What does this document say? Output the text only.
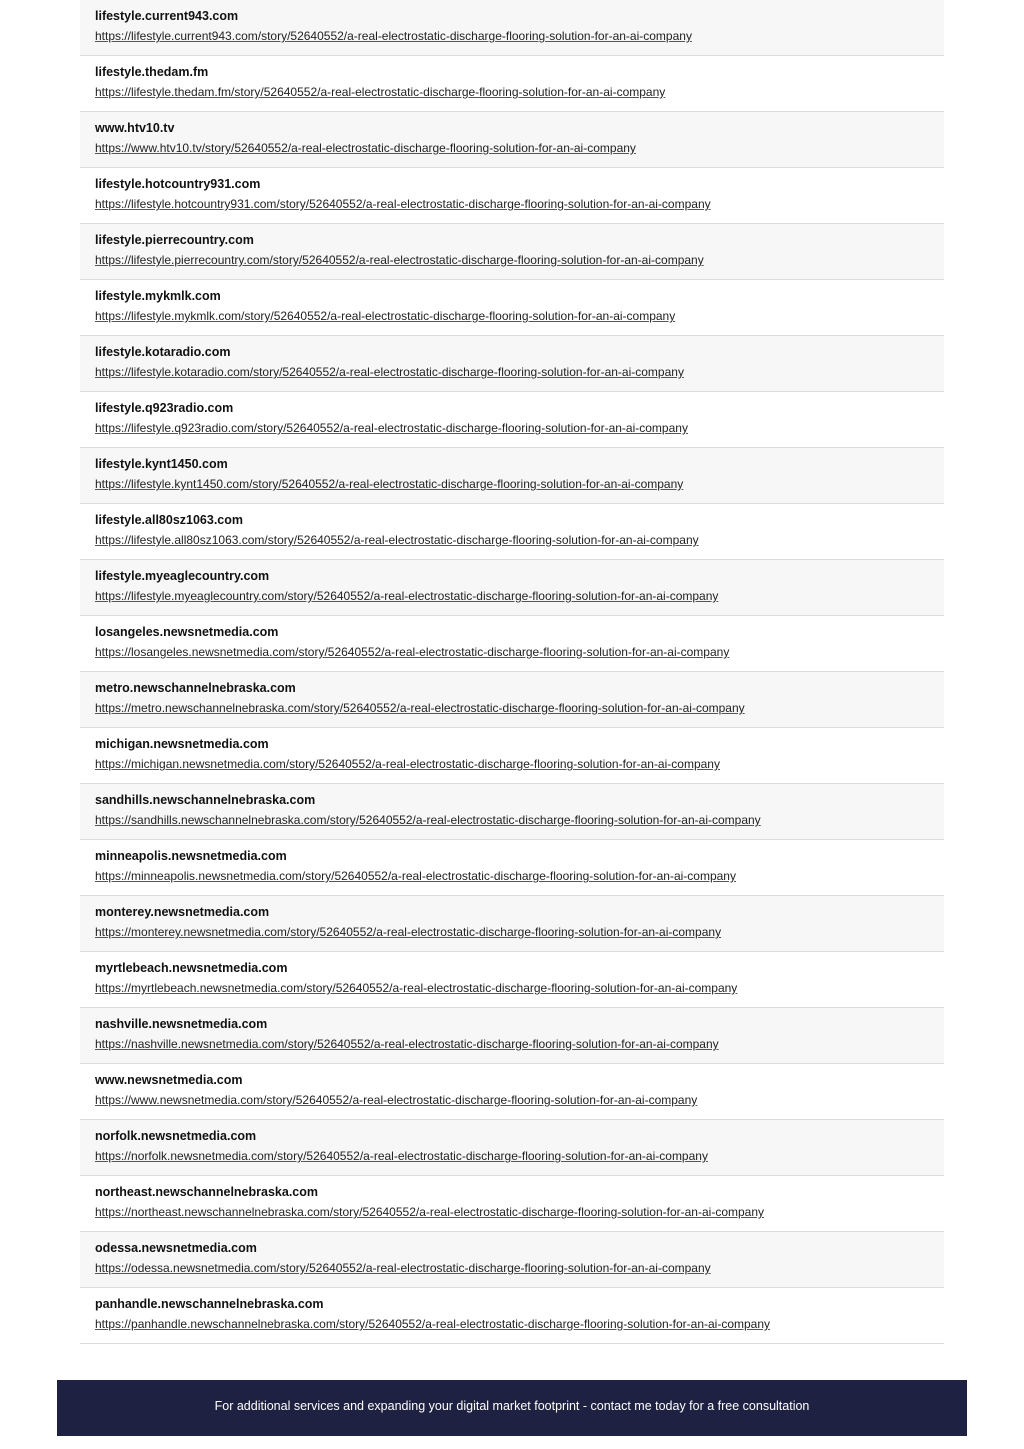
lifestyle.current943.com
https://lifestyle.current943.com/story/52640552/a-real-electrostatic-discharge-flooring-solution-for-an-ai-company
lifestyle.thedam.fm
https://lifestyle.thedam.fm/story/52640552/a-real-electrostatic-discharge-flooring-solution-for-an-ai-company
www.htv10.tv
https://www.htv10.tv/story/52640552/a-real-electrostatic-discharge-flooring-solution-for-an-ai-company
lifestyle.hotcountry931.com
https://lifestyle.hotcountry931.com/story/52640552/a-real-electrostatic-discharge-flooring-solution-for-an-ai-company
lifestyle.pierrecountry.com
https://lifestyle.pierrecountry.com/story/52640552/a-real-electrostatic-discharge-flooring-solution-for-an-ai-company
lifestyle.mykmlk.com
https://lifestyle.mykmlk.com/story/52640552/a-real-electrostatic-discharge-flooring-solution-for-an-ai-company
lifestyle.kotaradio.com
https://lifestyle.kotaradio.com/story/52640552/a-real-electrostatic-discharge-flooring-solution-for-an-ai-company
lifestyle.q923radio.com
https://lifestyle.q923radio.com/story/52640552/a-real-electrostatic-discharge-flooring-solution-for-an-ai-company
lifestyle.kynt1450.com
https://lifestyle.kynt1450.com/story/52640552/a-real-electrostatic-discharge-flooring-solution-for-an-ai-company
lifestyle.all80sz1063.com
https://lifestyle.all80sz1063.com/story/52640552/a-real-electrostatic-discharge-flooring-solution-for-an-ai-company
lifestyle.myeaglecountry.com
https://lifestyle.myeaglecountry.com/story/52640552/a-real-electrostatic-discharge-flooring-solution-for-an-ai-company
losangeles.newsnetmedia.com
https://losangeles.newsnetmedia.com/story/52640552/a-real-electrostatic-discharge-flooring-solution-for-an-ai-company
metro.newschannelnebraska.com
https://metro.newschannelnebraska.com/story/52640552/a-real-electrostatic-discharge-flooring-solution-for-an-ai-company
michigan.newsnetmedia.com
https://michigan.newsnetmedia.com/story/52640552/a-real-electrostatic-discharge-flooring-solution-for-an-ai-company
sandhills.newschannelnebraska.com
https://sandhills.newschannelnebraska.com/story/52640552/a-real-electrostatic-discharge-flooring-solution-for-an-ai-company
minneapolis.newsnetmedia.com
https://minneapolis.newsnetmedia.com/story/52640552/a-real-electrostatic-discharge-flooring-solution-for-an-ai-company
monterey.newsnetmedia.com
https://monterey.newsnetmedia.com/story/52640552/a-real-electrostatic-discharge-flooring-solution-for-an-ai-company
myrtlebeach.newsnetmedia.com
https://myrtlebeach.newsnetmedia.com/story/52640552/a-real-electrostatic-discharge-flooring-solution-for-an-ai-company
nashville.newsnetmedia.com
https://nashville.newsnetmedia.com/story/52640552/a-real-electrostatic-discharge-flooring-solution-for-an-ai-company
www.newsnetmedia.com
https://www.newsnetmedia.com/story/52640552/a-real-electrostatic-discharge-flooring-solution-for-an-ai-company
norfolk.newsnetmedia.com
https://norfolk.newsnetmedia.com/story/52640552/a-real-electrostatic-discharge-flooring-solution-for-an-ai-company
northeast.newschannelnebraska.com
https://northeast.newschannelnebraska.com/story/52640552/a-real-electrostatic-discharge-flooring-solution-for-an-ai-company
odessa.newsnetmedia.com
https://odessa.newsnetmedia.com/story/52640552/a-real-electrostatic-discharge-flooring-solution-for-an-ai-company
panhandle.newschannelnebraska.com
https://panhandle.newschannelnebraska.com/story/52640552/a-real-electrostatic-discharge-flooring-solution-for-an-ai-company
For additional services and expanding your digital market footprint - contact me today for a free consultation
